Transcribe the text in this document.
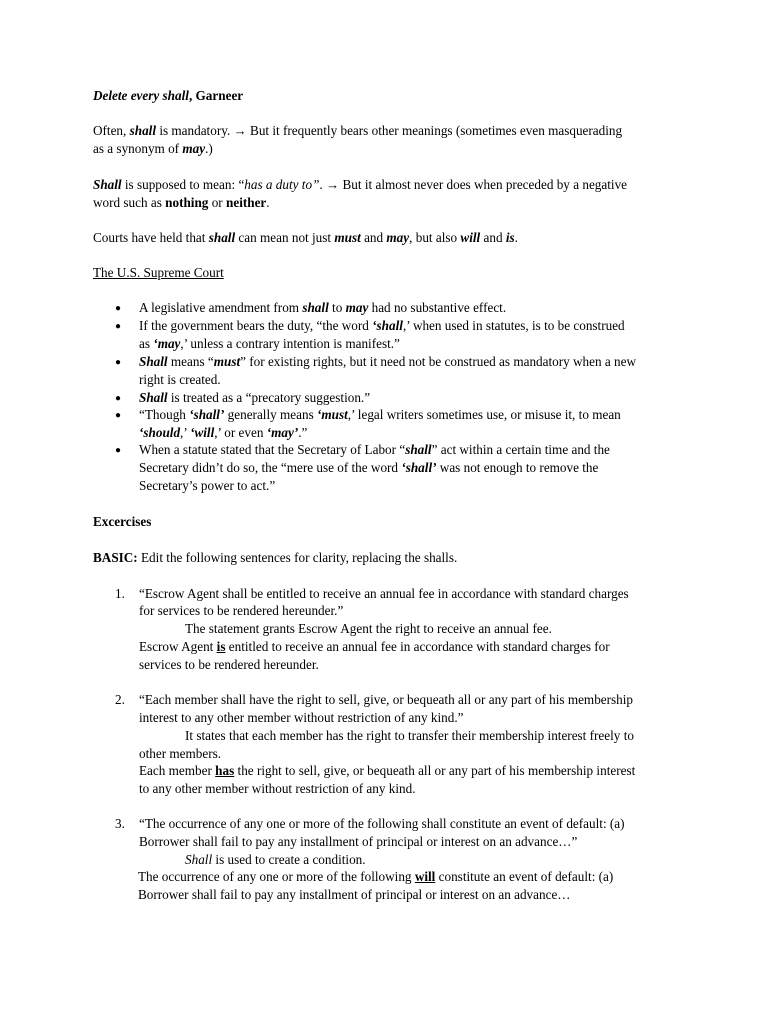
Delete every shall, Garneer
Often, shall is mandatory. → But it frequently bears other meanings (sometimes even masquerading
as a synonym of may.)
Shall is supposed to mean: “has a duty to”. → But it almost never does when preceded by a negative
word such as nothing or neither.
Courts have held that shall can mean not just must and may, but also will and is.
The U.S. Supreme Court
● A legislative amendment from shall to may had no substantive effect.
● If the government bears the duty, “the word ‘shall,’ when used in statutes, is to be construed
as ‘may,’ unless a contrary intention is manifest.”
● Shall means “must” for existing rights, but it need not be construed as mandatory when a new
right is created.
● Shall is treated as a “precatory suggestion.”
● “Though ‘shall’ generally means ‘must,’ legal writers sometimes use, or misuse it, to mean
‘should,’ ‘will,’ or even ‘may’.”
● When a statute stated that the Secretary of Labor “shall” act within a certain time and the
Secretary didn’t do so, the “mere use of the word ‘shall’ was not enough to remove the
Secretary’s power to act.”
Excercises
BASIC: Edit the following sentences for clarity, replacing the shalls.
1. “Escrow Agent shall be entitled to receive an annual fee in accordance with standard charges
for services to be rendered hereunder.”
The statement grants Escrow Agent the right to receive an annual fee.
Escrow Agent is entitled to receive an annual fee in accordance with standard charges for
services to be rendered hereunder.
2. “Each member shall have the right to sell, give, or bequeath all or any part of his membership
interest to any other member without restriction of any kind.”
It states that each member has the right to transfer their membership interest freely to
other members.
Each member has the right to sell, give, or bequeath all or any part of his membership interest
to any other member without restriction of any kind.
3. “The occurrence of any one or more of the following shall constitute an event of default: (a)
Borrower shall fail to pay any installment of principal or interest on an advance…”
Shall is used to create a condition.
The occurrence of any one or more of the following will constitute an event of default: (a)
Borrower shall fail to pay any installment of principal or interest on an advance…
